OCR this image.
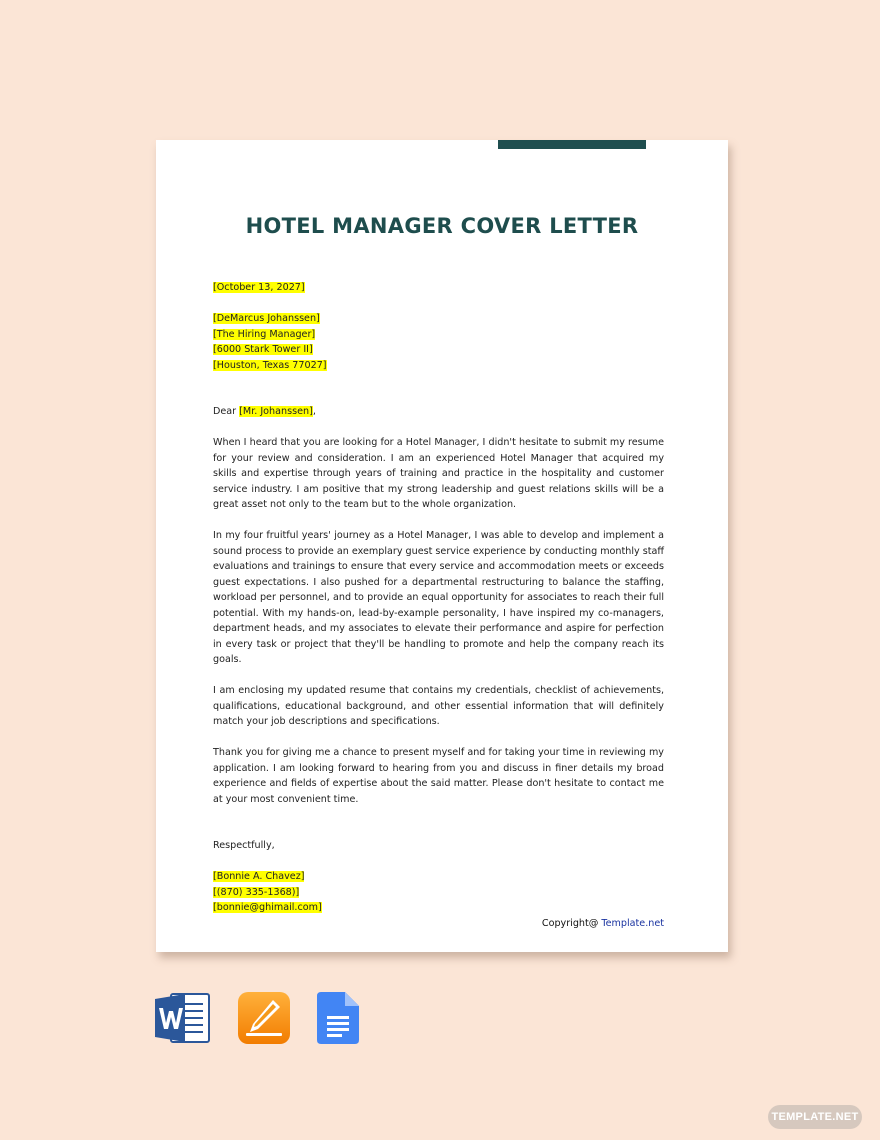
HOTEL MANAGER COVER LETTER
[October 13, 2027]
[DeMarcus Johanssen]
[The Hiring Manager]
[6000 Stark Tower II]
[Houston, Texas 77027]
Dear [Mr. Johanssen],

When I heard that you are looking for a Hotel Manager, I didn't hesitate to submit my resume for your review and consideration. I am an experienced Hotel Manager that acquired my skills and expertise through years of training and practice in the hospitality and customer service industry. I am positive that my strong leadership and guest relations skills will be a great asset not only to the team but to the whole organization.

In my four fruitful years' journey as a Hotel Manager, I was able to develop and implement a sound process to provide an exemplary guest service experience by conducting monthly staff evaluations and trainings to ensure that every service and accommodation meets or exceeds guest expectations. I also pushed for a departmental restructuring to balance the staffing, workload per personnel, and to provide an equal opportunity for associates to reach their full potential. With my hands-on, lead-by-example personality, I have inspired my co-managers, department heads, and my associates to elevate their performance and aspire for perfection in every task or project that they'll be handling to promote and help the company reach its goals.

I am enclosing my updated resume that contains my credentials, checklist of achievements, qualifications, educational background, and other essential information that will definitely match your job descriptions and specifications.

Thank you for giving me a chance to present myself and for taking your time in reviewing my application. I am looking forward to hearing from you and discuss in finer details my broad experience and fields of expertise about the said matter. Please don't hesitate to contact me at your most convenient time.

Respectfully,
[Bonnie A. Chavez]
[(870) 335-1368)]
[bonnie@ghimail.com]
Copyright@ Template.net
TEMPLATE.NET
